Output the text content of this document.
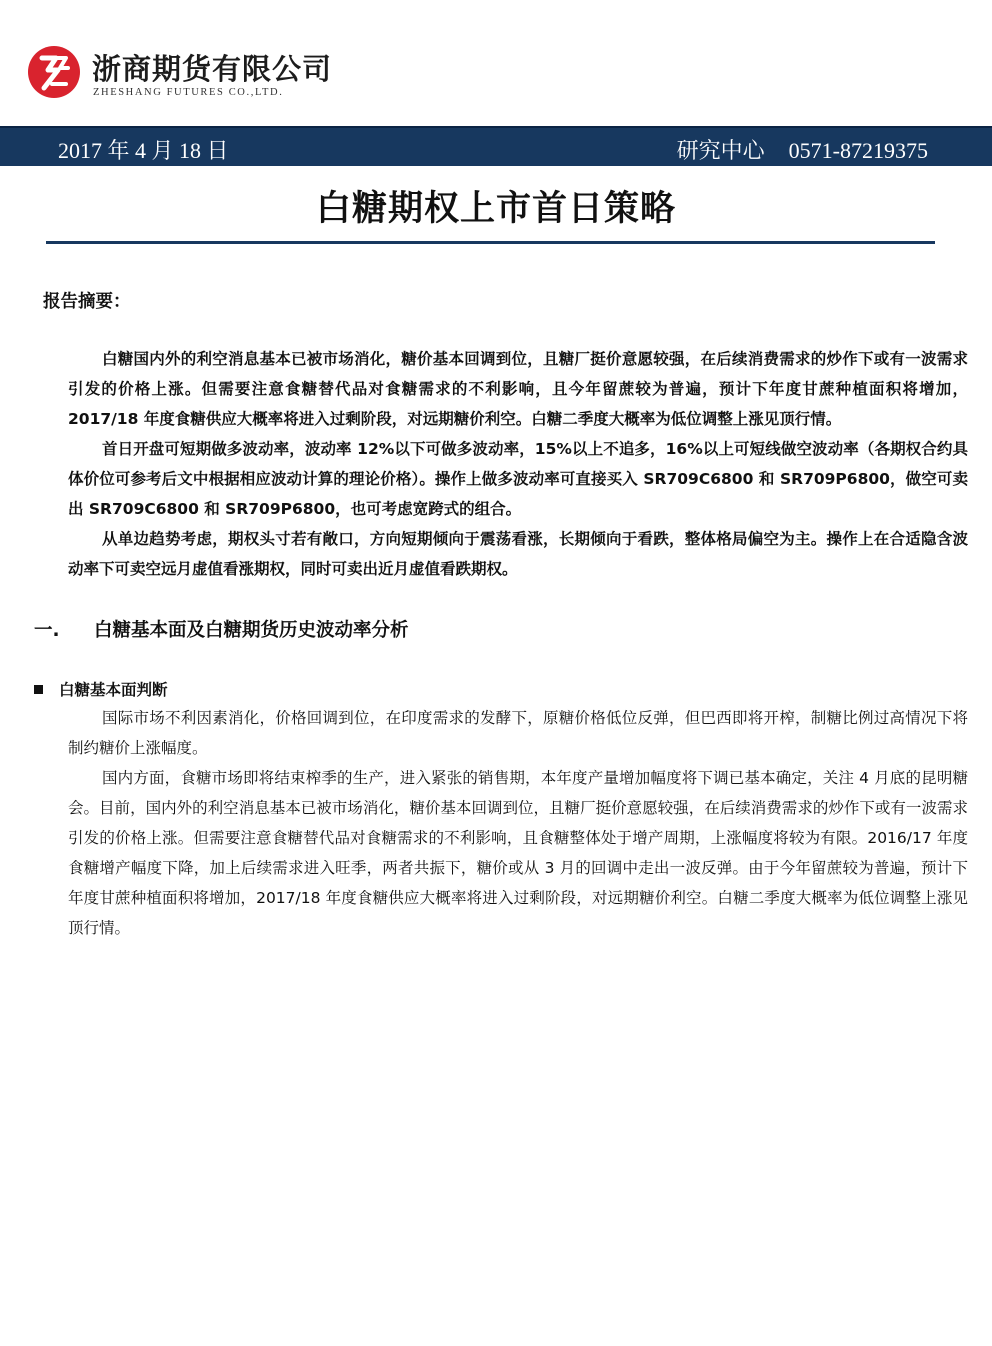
浙商期货有限公司
ZHESHANG FUTURES CO.,LTD.
2017 年 4 月 18 日	研究中心 0571-87219375
白糖期权上市首日策略
报告摘要：

白糖国内外的利空消息基本已被市场消化，糖价基本回调到位，且糖厂挺价意愿较强，在后续消费需求的炒作下或有一波需求引发的价格上涨。但需要注意食糖替代品对食糖需求的不利影响，且今年留蔗较为普遍，预计下年度甘蔗种植面积将增加，2017/18 年度食糖供应大概率将进入过剩阶段，对远期糖价利空。白糖二季度大概率为低位调整上涨见顶行情。

首日开盘可短期做多波动率，波动率 12%以下可做多波动率，15%以上不追多，16%以上可短线做空波动率（各期权合约具体价位可参考后文中根据相应波动计算的理论价格）。操作上做多波动率可直接买入 SR709C6800 和 SR709P6800，做空可卖出 SR709C6800 和 SR709P6800，也可考虑宽跨式的组合。

从单边趋势考虑，期权头寸若有敞口，方向短期倾向于震荡看涨，长期倾向于看跌，整体格局偏空为主。操作上在合适隐含波动率下可卖空远月虚值看涨期权，同时可卖出近月虚值看跌期权。

一. 白糖基本面及白糖期货历史波动率分析
白糖基本面判断

国际市场不利因素消化，价格回调到位，在印度需求的发酵下，原糖价格低位反弹，但巴西即将开榨，制糖比例过高情况下将制约糖价上涨幅度。

国内方面，食糖市场即将结束榨季的生产，进入紧张的销售期，本年度产量增加幅度将下调已基本确定，关注 4 月底的昆明糖会。目前，国内外的利空消息基本已被市场消化，糖价基本回调到位，且糖厂挺价意愿较强，在后续消费需求的炒作下或有一波需求引发的价格上涨。但需要注意食糖替代品对食糖需求的不利影响，且食糖整体处于增产周期，上涨幅度将较为有限。2016/17 年度食糖增产幅度下降，加上后续需求进入旺季，两者共振下，糖价或从 3 月的回调中走出一波反弹。由于今年留蔗较为普遍，预计下年度甘蔗种植面积将增加，2017/18 年度食糖供应大概率将进入过剩阶段，对远期糖价利空。白糖二季度大概率为低位调整上涨见顶行情。
